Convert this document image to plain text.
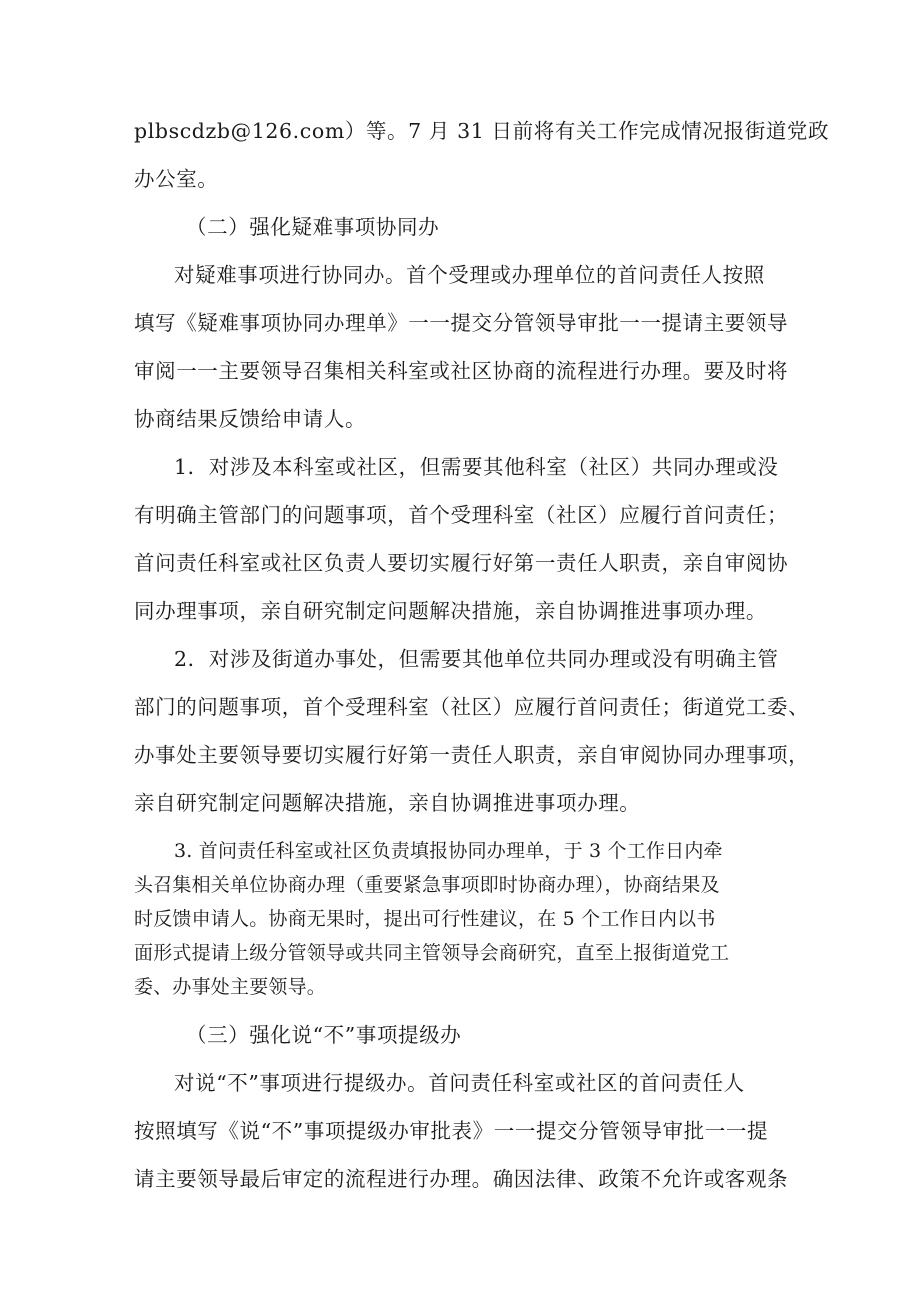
plbscdzb@126.com）等。7 月 31 日前将有关工作完成情况报街道党政
办公室。
（二）强化疑难事项协同办
对疑难事项进行协同办。首个受理或办理单位的首问责任人按照
填写《疑难事项协同办理单》一一提交分管领导审批一一提请主要领导
审阅一一主要领导召集相关科室或社区协商的流程进行办理。要及时将
协商结果反馈给申请人。
1．对涉及本科室或社区，但需要其他科室（社区）共同办理或没
有明确主管部门的问题事项，首个受理科室（社区）应履行首问责任；
首问责任科室或社区负责人要切实履行好第一责任人职责，亲自审阅协
同办理事项，亲自研究制定问题解决措施，亲自协调推进事项办理。
2．对涉及街道办事处，但需要其他单位共同办理或没有明确主管
部门的问题事项，首个受理科室（社区）应履行首问责任；街道党工委、
办事处主要领导要切实履行好第一责任人职责，亲自审阅协同办理事项，
亲自研究制定问题解决措施，亲自协调推进事项办理。
3. 首问责任科室或社区负责填报协同办理单，于 3 个工作日内牵
头召集相关单位协商办理（重要紧急事项即时协商办理），协商结果及
时反馈申请人。协商无果时，提出可行性建议，在 5 个工作日内以书
面形式提请上级分管领导或共同主管领导会商研究，直至上报街道党工
委、办事处主要领导。
（三）强化说“不”事项提级办
对说“不”事项进行提级办。首问责任科室或社区的首问责任人
按照填写《说“不”事项提级办审批表》一一提交分管领导审批一一提
请主要领导最后审定的流程进行办理。确因法律、政策不允许或客观条
